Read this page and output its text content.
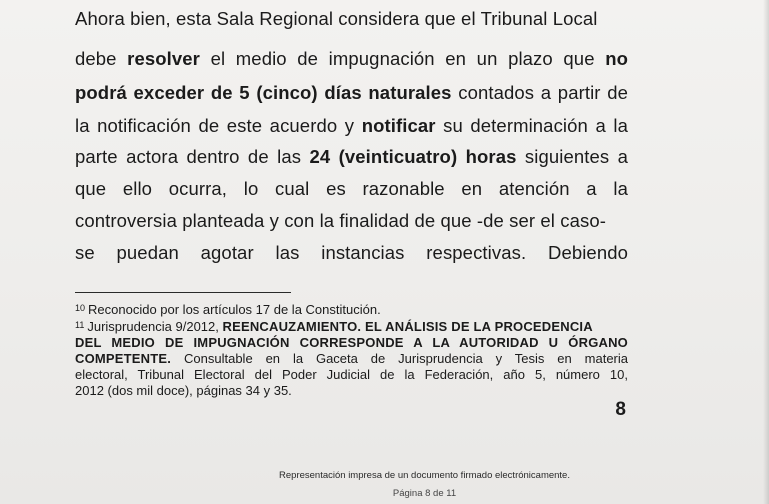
Ahora bien, esta Sala Regional considera que el Tribunal Local
debe resolver el medio de impugnación en un plazo que no
podrá exceder de 5 (cinco) días naturales contados a partir de
la notificación de este acuerdo y notificar su determinación a la
parte actora dentro de las 24 (veinticuatro) horas siguientes a
que ello ocurra, lo cual es razonable en atención a la
controversia planteada y con la finalidad de que -de ser el caso-
se puedan agotar las instancias respectivas. Debiendo
$^{10}$ Reconocido por los artículos 17 de la Constitución.
$^{11}$ Jurisprudencia 9/2012, REENCAUZAMIENTO. EL ANÁLISIS DE LA PROCEDENCIA
DEL MEDIO DE IMPUGNACIÓN CORRESPONDE A LA AUTORIDAD U ÓRGANO
COMPETENTE. Consultable en la Gaceta de Jurisprudencia y Tesis en materia
electoral, Tribunal Electoral del Poder Judicial de la Federación, año 5, número 10,
2012 (dos mil doce), páginas 34 y 35.
8
Representación impresa de un documento firmado electrónicamente.
Página 8 de 11
